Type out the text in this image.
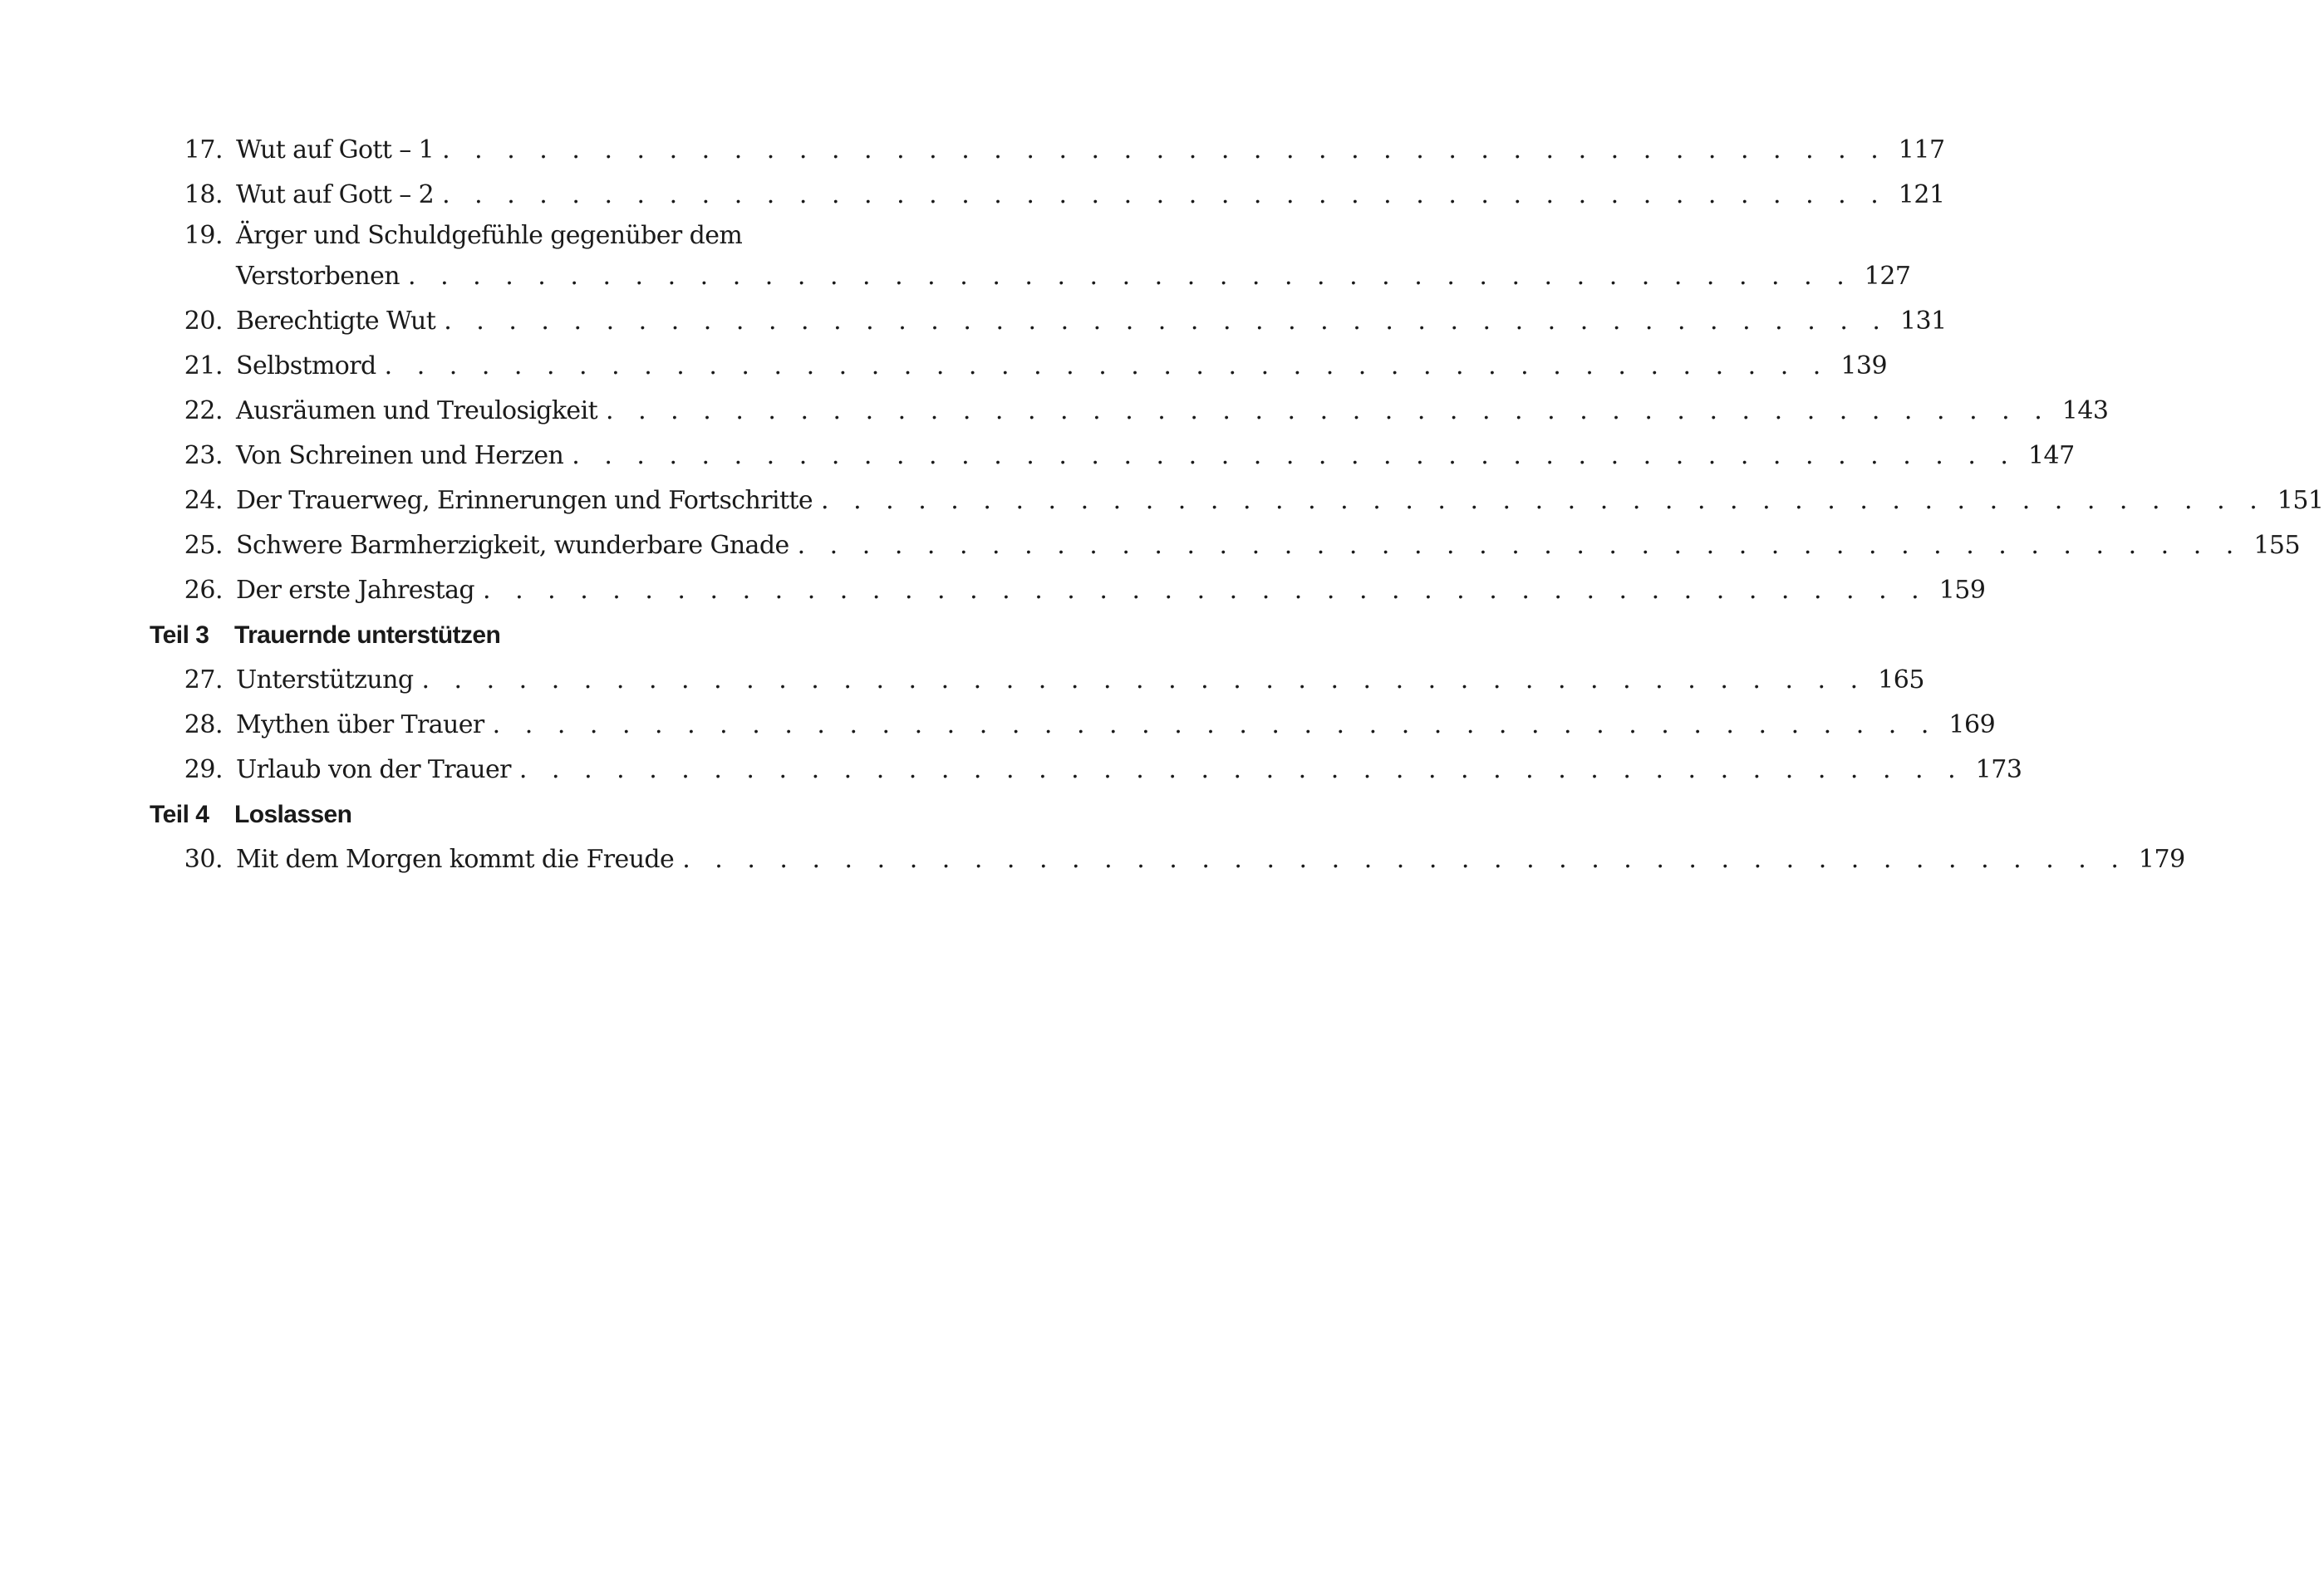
17. Wut auf Gott – 1 . . . . . . . . . . . . . . . . . . . . . . . . . . . . . . . . . . . . . . . . . . . . . 117
18. Wut auf Gott – 2 . . . . . . . . . . . . . . . . . . . . . . . . . . . . . . . . . . . . . . . . . . . . . 121
19. Ärger und Schuldgefühle gegenüber dem
Verstorbenen . . . . . . . . . . . . . . . . . . . . . . . . . . . . . . . . . . . . . . . . . . . . . 127
20. Berechtigte Wut . . . . . . . . . . . . . . . . . . . . . . . . . . . . . . . . . . . . . . . . . . . . . 131
21. Selbstmord . . . . . . . . . . . . . . . . . . . . . . . . . . . . . . . . . . . . . . . . . . . . . 139
22. Ausräumen und Treulosigkeit . . . . . . . . . . . . . . . . . . . . . . . . . . . . . . . . . . . . . . . . . . . . . 143
23. Von Schreinen und Herzen . . . . . . . . . . . . . . . . . . . . . . . . . . . . . . . . . . . . . . . . . . . . . 147
24. Der Trauerweg, Erinnerungen und Fortschritte . . . . . . . . . . . . . . . . . . . . . . . . . . . . . . . . . . . . . . . . . . . . . 151
25. Schwere Barmherzigkeit, wunderbare Gnade . . . . . . . . . . . . . . . . . . . . . . . . . . . . . . . . . . . . . . . . . . . . . 155
26. Der erste Jahrestag . . . . . . . . . . . . . . . . . . . . . . . . . . . . . . . . . . . . . . . . . . . . . 159
Teil 3	Trauernde unterstützen
27. Unterstützung . . . . . . . . . . . . . . . . . . . . . . . . . . . . . . . . . . . . . . . . . . . . . 165
28. Mythen über Trauer . . . . . . . . . . . . . . . . . . . . . . . . . . . . . . . . . . . . . . . . . . . . . 169
29. Urlaub von der Trauer . . . . . . . . . . . . . . . . . . . . . . . . . . . . . . . . . . . . . . . . . . . . . 173
Teil 4	Loslassen
30. Mit dem Morgen kommt die Freude . . . . . . . . . . . . . . . . . . . . . . . . . . . . . . . . . . . . . . . . . . . . . 179
